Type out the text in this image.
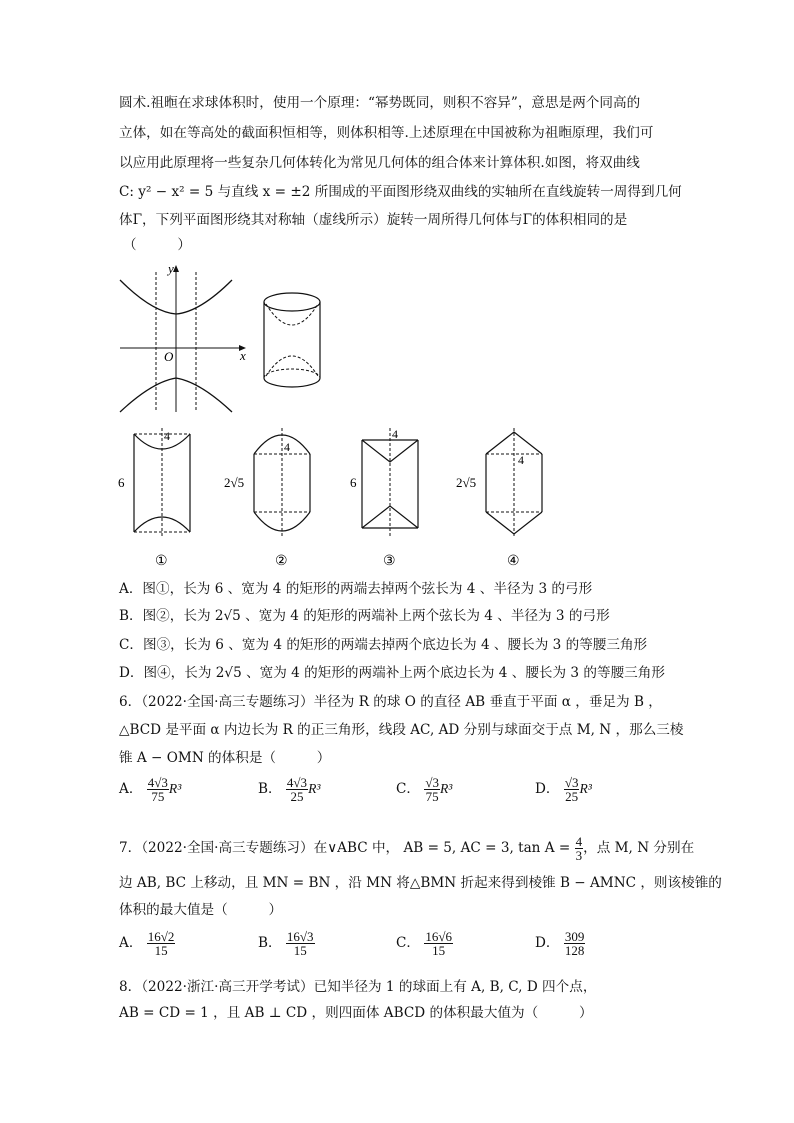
圆术.祖暅在求球体积时，使用一个原理：“幂势既同，则积不容异”，意思是两个同高的
立体，如在等高处的截面积恒相等，则体积相等.上述原理在中国被称为祖暅原理，我们可
以应用此原理将一些复杂几何体转化为常见几何体的组合体来计算体积.如图，将双曲线
C: y² − x² = 5 与直线 x = ±2 所围成的平面图形绕双曲线的实轴所在直线旋转一周得到几何
体Γ，下列平面图形绕其对称轴（虚线所示）旋转一周所得几何体与Γ的体积相同的是
（　　　）
y
x
O
6
4
①
2√5
4
②
6
4
③
2√5
4
④
A．图①，长为 6 、宽为 4 的矩形的两端去掉两个弦长为 4 、半径为 3 的弓形
B．图②，长为 2√5 、宽为 4 的矩形的两端补上两个弦长为 4 、半径为 3 的弓形
C．图③，长为 6 、宽为 4 的矩形的两端去掉两个底边长为 4 、腰长为 3 的等腰三角形
D．图④，长为 2√5 、宽为 4 的矩形的两端补上两个底边长为 4 、腰长为 3 的等腰三角形
6．（2022·全国·高三专题练习）半径为 R 的球 O 的直径 AB 垂直于平面 α ，垂足为 B ，
△BCD 是平面 α 内边长为 R 的正三角形，线段 AC, AD 分别与球面交于点 M, N ，那么三棱
锥 A − OMN 的体积是（　　　）
A． $\frac{4√3}{75} R^3$	B． $\frac{4√3}{25} R^3$	C． $\frac{√3}{75} R^3$	D． $\frac{√3}{25} R^3$
7．（2022·全国·高三专题练习）在∨ABC 中， AB = 5, AC = 3, $\tan A = \frac{4}{3}$ ，点 M, N 分别在
边 AB, BC 上移动，且 MN = BN ，沿 MN 将△BMN 折起来得到棱锥 B − AMNC ，则该棱锥的
体积的最大值是（　　　）
A． $\frac{16√2}{15}$	B． $\frac{16√3}{15}$	C． $\frac{16√6}{15}$	D． $\frac{309}{128}$
8．（2022·浙江·高三开学考试）已知半径为 1 的球面上有 A, B, C, D 四个点，
AB = CD = 1 ，且 AB ⊥ CD ，则四面体 ABCD 的体积最大值为（　　　）
